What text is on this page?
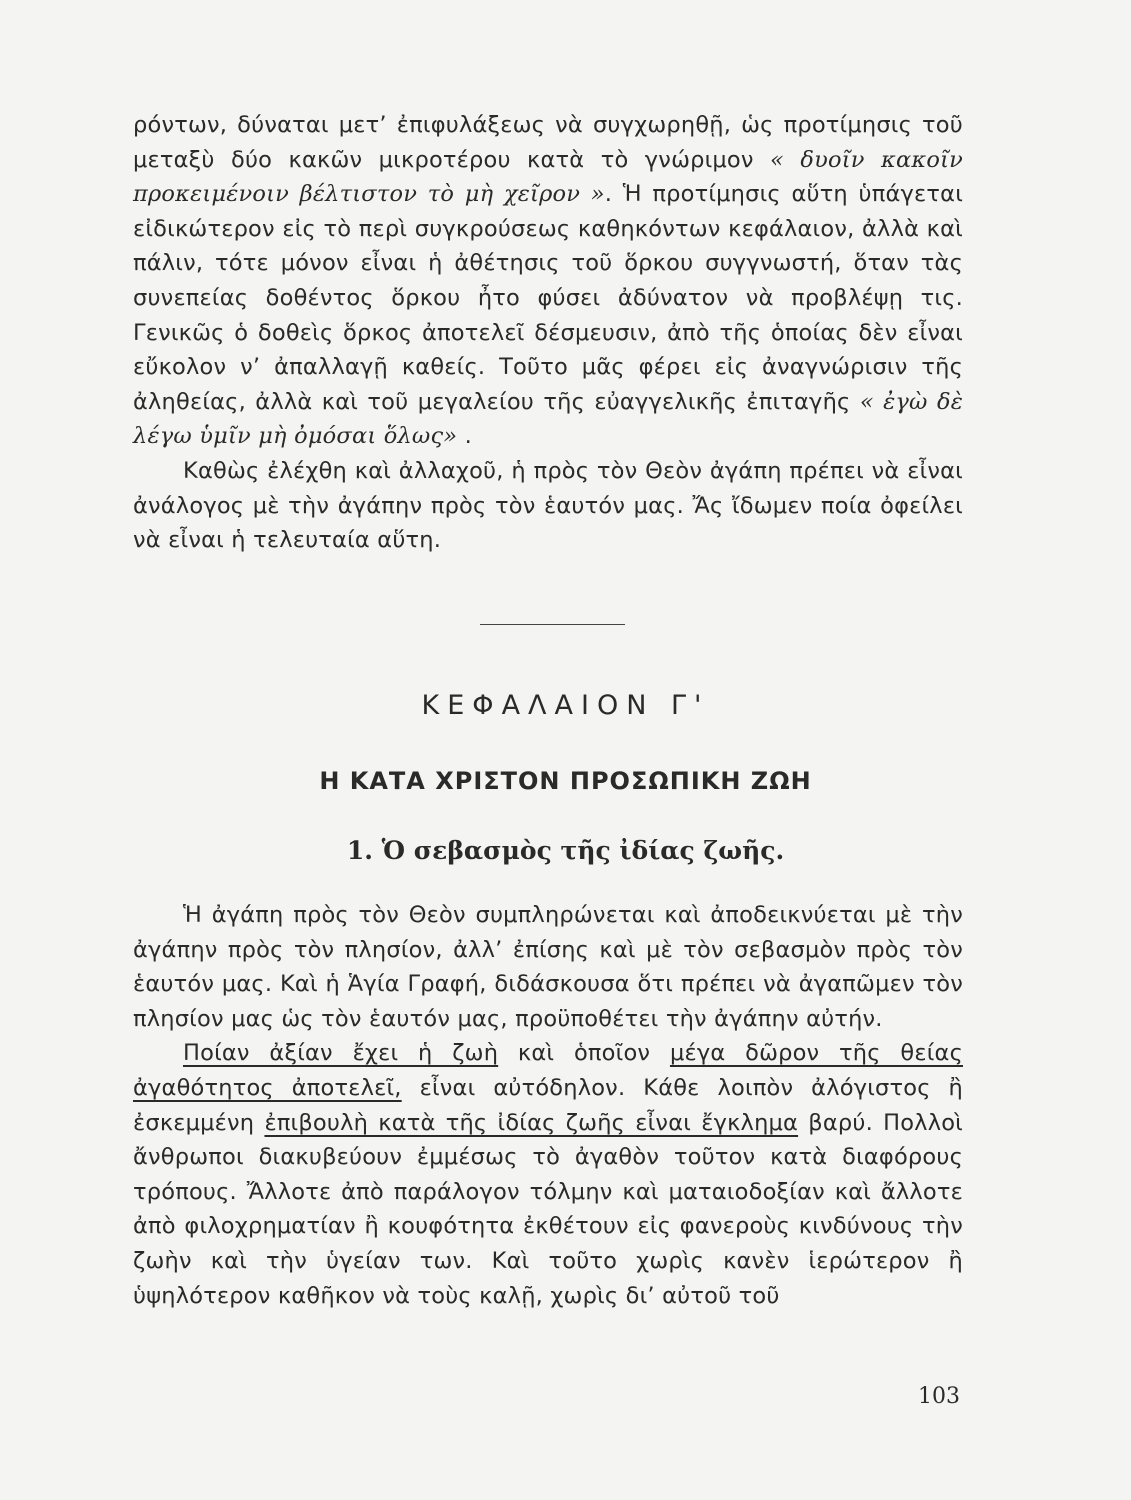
ρόντων, δύναται μετ’ ἐπιφυλάξεως νὰ συγχωρηθῇ, ὡς προτίμησις τοῦ μεταξὺ δύο κακῶν μικροτέρου κατὰ τὸ γνώριμον « δυοῖν κακοῖν προκειμένοιν βέλτιστον τὸ μὴ χεῖρον ». Ἡ προτίμησις αὕτη ὑπάγεται εἰδικώτερον εἰς τὸ περὶ συγκρούσεως καθηκόντων κεφάλαιον, ἀλλὰ καὶ πάλιν, τότε μόνον εἶναι ἡ ἀθέτησις τοῦ ὅρκου συγγνωστή, ὅταν τὰς συνεπείας δοθέντος ὅρκου ἦτο φύσει ἀδύνατον νὰ προβλέψῃ τις. Γενικῶς ὁ δοθεὶς ὅρκος ἀποτελεῖ δέσμευσιν, ἀπὸ τῆς ὁποίας δὲν εἶναι εὔκολον ν’ ἀπαλλαγῇ καθείς. Τοῦτο μᾶς φέρει εἰς ἀναγνώρισιν τῆς ἀληθείας, ἀλλὰ καὶ τοῦ μεγαλείου τῆς εὐαγγελικῆς ἐπιταγῆς « ἐγὼ δὲ λέγω ὑμῖν μὴ ὀμόσαι ὅλως» .

Καθὼς ἐλέχθη καὶ ἀλλαχοῦ, ἡ πρὸς τὸν Θεὸν ἀγάπη πρέπει νὰ εἶναι ἀνάλογος μὲ τὴν ἀγάπην πρὸς τὸν ἑαυτόν μας. Ἄς ἴδωμεν ποία ὀφείλει νὰ εἶναι ἡ τελευταία αὕτη.

ΚΕΦΑΛΑΙΟΝ Γ'
Η ΚΑΤΑ ΧΡΙΣΤΟΝ ΠΡΟΣΩΠΙΚΗ ΖΩΗ
1. Ὁ σεβασμὸς τῆς ἰδίας ζωῆς.

Ἡ ἀγάπη πρὸς τὸν Θεὸν συμπληρώνεται καὶ ἀποδεικνύεται μὲ τὴν ἀγάπην πρὸς τὸν πλησίον, ἀλλ’ ἐπίσης καὶ μὲ τὸν σεβασμὸν πρὸς τὸν ἑαυτόν μας. Καὶ ἡ Ἁγία Γραφή, διδάσκουσα ὅτι πρέπει νὰ ἀγαπῶμεν τὸν πλησίον μας ὡς τὸν ἑαυτόν μας, προϋποθέτει τὴν ἀγάπην αὐτήν.

Ποίαν ἀξίαν ἔχει ἡ ζωὴ καὶ ὁποῖον μέγα δῶρον τῆς θείας ἀγαθότητος ἀποτελεῖ, εἶναι αὐτόδηλον. Κάθε λοιπὸν ἀλόγιστος ἢ ἐσκεμμένη ἐπιβουλὴ κατὰ τῆς ἰδίας ζωῆς εἶναι ἔγκλημα βαρύ. Πολλοὶ ἄνθρωποι διακυβεύουν ἐμμέσως τὸ ἀγαθὸν τοῦτον κατὰ διαφόρους τρόπους. Ἄλλοτε ἀπὸ παράλογον τόλμην καὶ ματαιοδοξίαν καὶ ἄλλοτε ἀπὸ φιλοχρηματίαν ἢ κουφότητα ἐκθέτουν εἰς φανεροὺς κινδύνους τὴν ζωὴν καὶ τὴν ὑγείαν των. Καὶ τοῦτο χωρὶς κανὲν ἱερώτερον ἢ ὑψηλότερον καθῆκον νὰ τοὺς καλῇ, χωρὶς δι’ αὐτοῦ τοῦ

103
